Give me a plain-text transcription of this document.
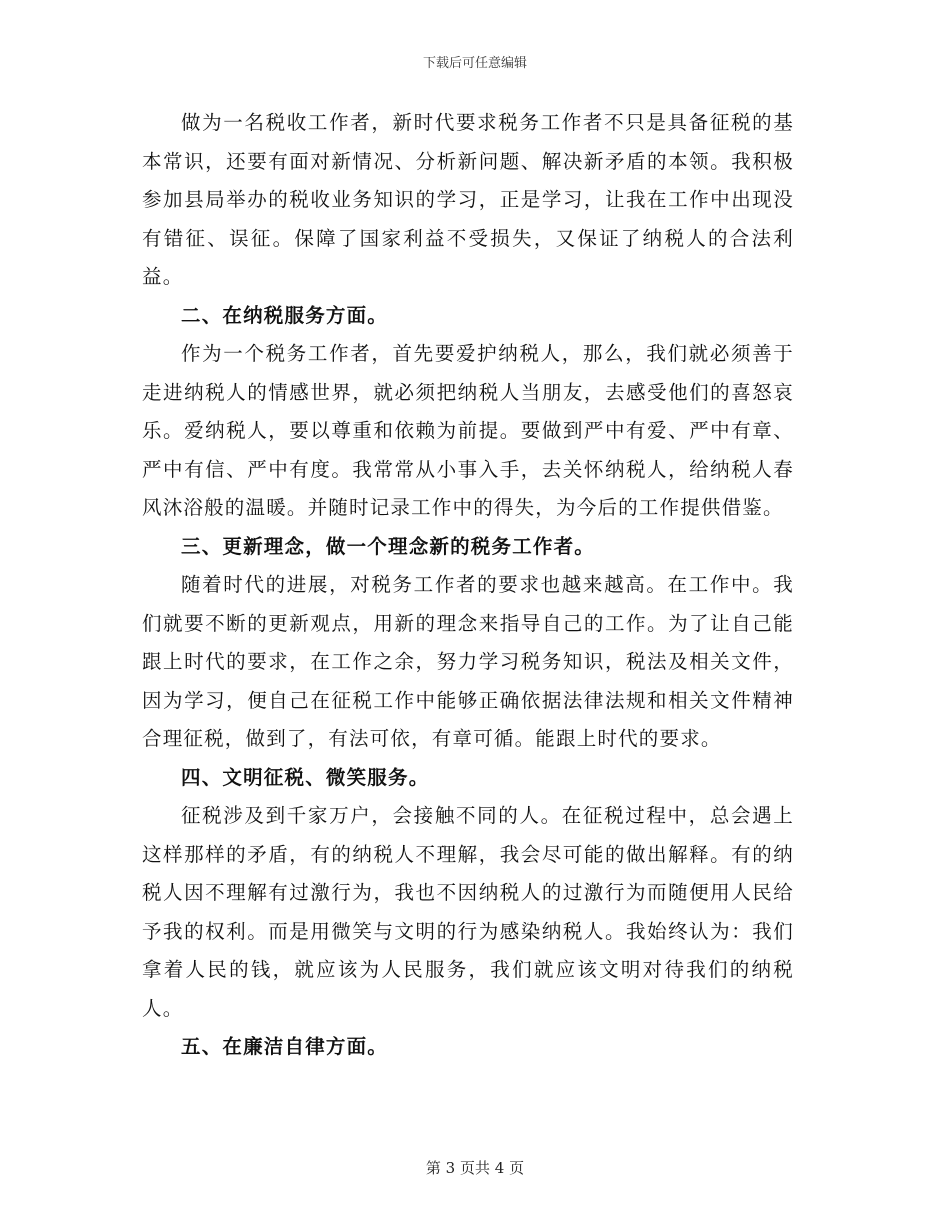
下载后可任意编辑

做为一名税收工作者，新时代要求税务工作者不只是具备征税的基本常识，还要有面对新情况、分析新问题、解决新矛盾的本领。我积极参加县局举办的税收业务知识的学习，正是学习，让我在工作中出现没有错征、误征。保障了国家利益不受损失，又保证了纳税人的合法利益。

二、在纳税服务方面。

作为一个税务工作者，首先要爱护纳税人，那么，我们就必须善于走进纳税人的情感世界，就必须把纳税人当朋友，去感受他们的喜怒哀乐。爱纳税人，要以尊重和依赖为前提。要做到严中有爱、严中有章、严中有信、严中有度。我常常从小事入手，去关怀纳税人，给纳税人春风沐浴般的温暖。并随时记录工作中的得失，为今后的工作提供借鉴。

三、更新理念，做一个理念新的税务工作者。

随着时代的进展，对税务工作者的要求也越来越高。在工作中。我们就要不断的更新观点，用新的理念来指导自己的工作。为了让自己能跟上时代的要求，在工作之余，努力学习税务知识，税法及相关文件，因为学习，便自己在征税工作中能够正确依据法律法规和相关文件精神合理征税，做到了，有法可依，有章可循。能跟上时代的要求。

四、文明征税、微笑服务。

征税涉及到千家万户，会接触不同的人。在征税过程中，总会遇上这样那样的矛盾，有的纳税人不理解，我会尽可能的做出解释。有的纳税人因不理解有过激行为，我也不因纳税人的过激行为而随便用人民给予我的权利。而是用微笑与文明的行为感染纳税人。我始终认为：我们拿着人民的钱，就应该为人民服务，我们就应该文明对待我们的纳税人。

五、在廉洁自律方面。

第 3 页共 4 页
